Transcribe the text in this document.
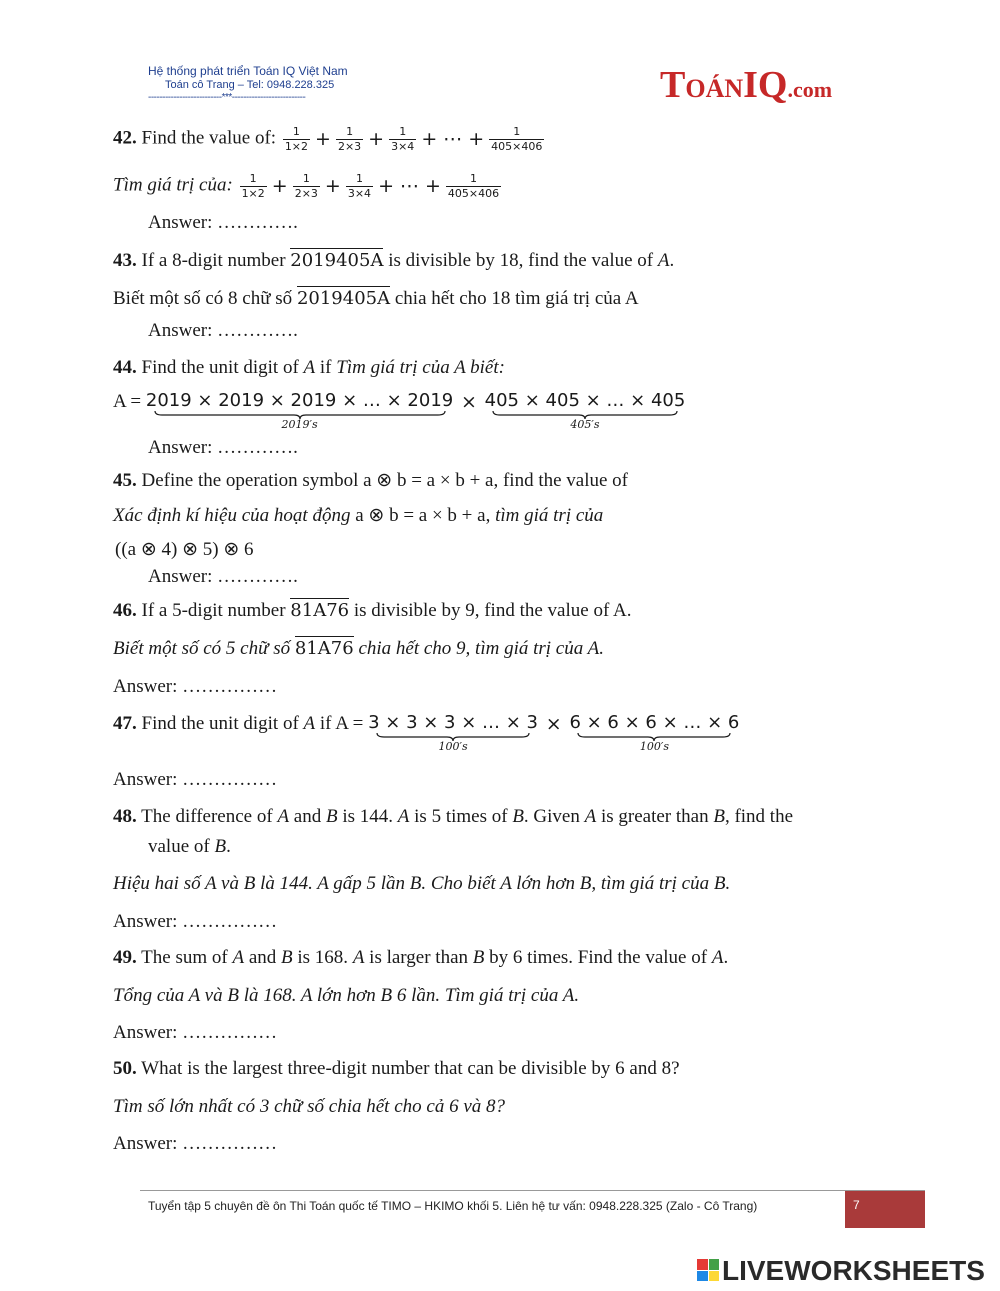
Hệ thống phát triển Toán IQ Việt Nam
Toán cô Trang – Tel: 0948.228.325
--------------------------***--------------------------	TOÁNIQ.com
42. Find the value of: $\frac{1}{1\times 2} + \frac{1}{2\times 3} + \frac{1}{3\times 4}$ + ⋯ + $\frac{1}{405\times 406}$
Tìm giá trị của: $\frac{1}{1\times 2} + \frac{1}{2\times 3} + \frac{1}{3\times 4}$ + ⋯ + $\frac{1}{405\times 406}$
Answer: ………….
43. If a 8-digit number 2019405A is divisible by 18, find the value of A.
Biết một số có 8 chữ số 2019405A chia hết cho 18 tìm giá trị của A
Answer: ………….
44. Find the unit digit of A if Tìm giá trị của A biết:
A = 2019 × 2019 × 2019 × … × 2019
2019′s
× 405 × 405 × … × 405
405′s
Answer: ………….
45. Define the operation symbol a ⊗ b = a × b + a, find the value of
Xác định kí hiệu của hoạt động a ⊗ b = a × b + a, tìm giá trị của
((a ⊗ 4) ⊗ 5) ⊗ 6
Answer: ………….
46. If a 5-digit number 81A76 is divisible by 9, find the value of A.
Biết một số có 5 chữ số 81A76 chia hết cho 9, tìm giá trị của A.
Answer: ……………
47. Find the unit digit of A if A = 3 × 3 × 3 × … × 3
100′s
× 6 × 6 × 6 × … × 6
100′s
Answer: ……………
48. The difference of A and B is 144. A is 5 times of B. Given A is greater than B, find the
value of B.
Hiệu hai số A và B là 144. A gấp 5 lần B. Cho biết A lớn hơn B, tìm giá trị của B.
Answer: ……………
49. The sum of A and B is 168. A is larger than B by 6 times. Find the value of A.
Tổng của A và B là 168. A lớn hơn B 6 lần. Tìm giá trị của A.
Answer: ……………
50. What is the largest three-digit number that can be divisible by 6 and 8?
Tìm số lớn nhất có 3 chữ số chia hết cho cả 6 và 8?
Answer: ……………
Tuyển tập 5 chuyên đề ôn Thi Toán quốc tế TIMO – HKIMO khối 5. Liên hệ tư vấn: 0948.228.325 (Zalo - Cô Trang)	7
LIVEWORKSHEETS
